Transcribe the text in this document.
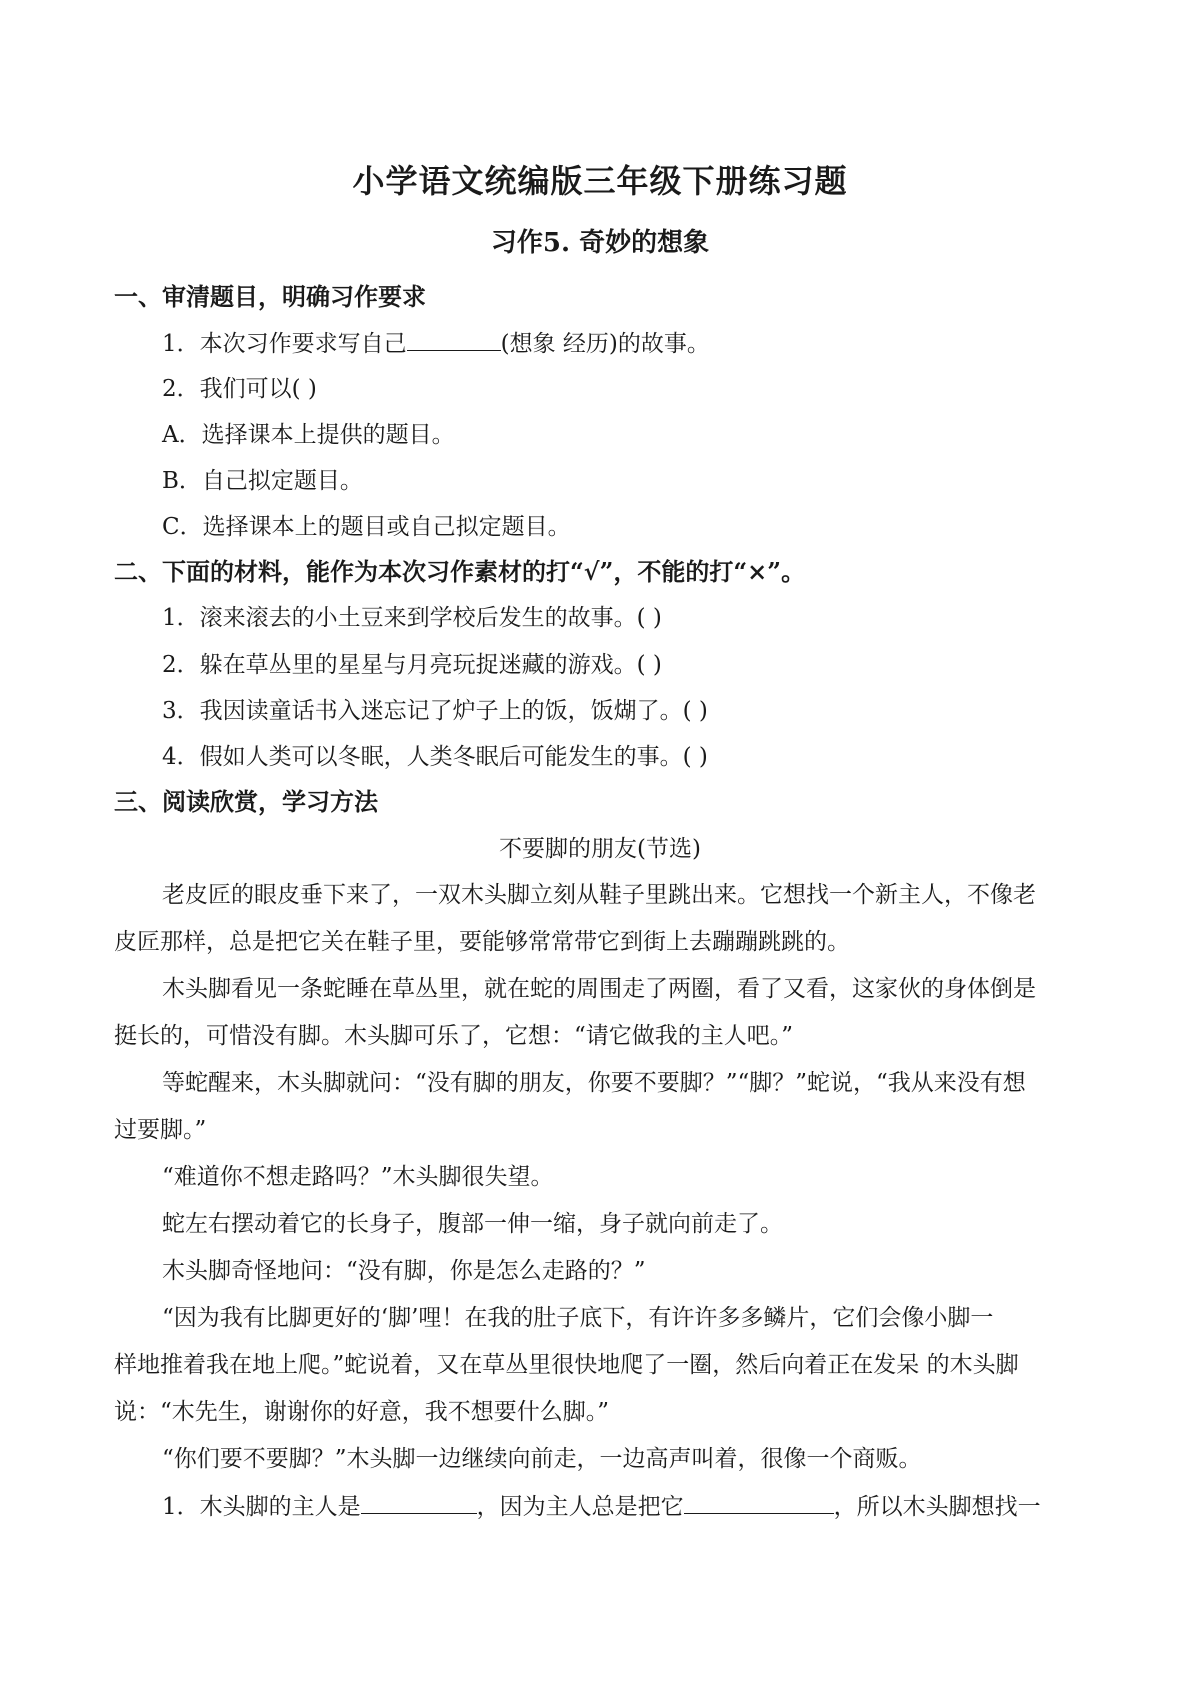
小学语文统编版三年级下册练习题
习作5. 奇妙的想象
一、审清题目，明确习作要求
1．本次习作要求写自己	(想象 经历)的故事。
2．我们可以( )
A．选择课本上提供的题目。
B．自己拟定题目。
C．选择课本上的题目或自己拟定题目。
二、下面的材料，能作为本次习作素材的打“√”，不能的打“×”。
1．滚来滚去的小土豆来到学校后发生的故事。( )
2．躲在草丛里的星星与月亮玩捉迷藏的游戏。( )
3．我因读童话书入迷忘记了炉子上的饭，饭煳了。( )
4．假如人类可以冬眠，人类冬眠后可能发生的事。( )
三、阅读欣赏，学习方法
不要脚的朋友(节选)
老皮匠的眼皮垂下来了，一双木头脚立刻从鞋子里跳出来。它想找一个新主人，不像老
皮匠那样，总是把它关在鞋子里，要能够常常带它到街上去蹦蹦跳跳的。
木头脚看见一条蛇睡在草丛里，就在蛇的周围走了两圈，看了又看，这家伙的身体倒是
挺长的，可惜没有脚。木头脚可乐了，它想：“请它做我的主人吧。”
等蛇醒来，木头脚就问：“没有脚的朋友，你要不要脚？”“脚？”蛇说，“我从来没有想
过要脚。”
“难道你不想走路吗？”木头脚很失望。
蛇左右摆动着它的长身子，腹部一伸一缩，身子就向前走了。
木头脚奇怪地问：“没有脚，你是怎么走路的？”
“因为我有比脚更好的‘脚’哩！在我的肚子底下，有许许多多鳞片，它们会像小脚一
样地推着我在地上爬。”蛇说着，又在草丛里很快地爬了一圈，然后向着正在发呆 的木头脚
说：“木先生，谢谢你的好意，我不想要什么脚。”
“你们要不要脚？”木头脚一边继续向前走，一边高声叫着，很像一个商贩。
1．木头脚的主人是	，因为主人总是把它	，所以木头脚想找一
